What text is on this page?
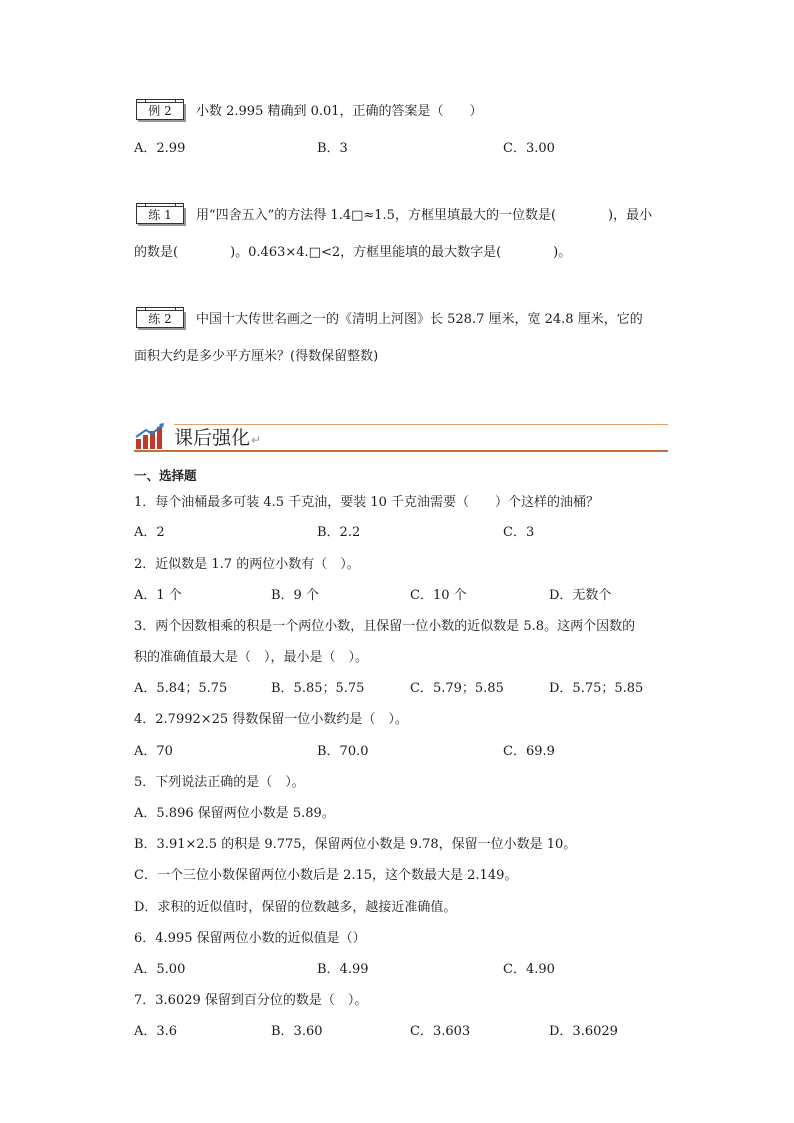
例 2	小数 2.995 精确到 0.01，正确的答案是（　　）
A．2.99	B．3	C．3.00
练 1	用“四舍五入”的方法得 1.4□≈1.5，方框里填最大的一位数是(　　　　)，最小
的数是(　　　　)。0.463×4.□<2，方框里能填的最大数字是(　　　　)。
练 2	中国十大传世名画之一的《清明上河图》长 528.7 厘米，宽 24.8 厘米，它的
面积大约是多少平方厘米？(得数保留整数)
课后强化↵
一、选择题
1．每个油桶最多可装 4.5 千克油，要装 10 千克油需要（　　）个这样的油桶？
A．2	B．2.2	C．3
2．近似数是 1.7 的两位小数有（　）。
A．1 个	B．9 个	C．10 个	D．无数个
3．两个因数相乘的积是一个两位小数，且保留一位小数的近似数是 5.8。这两个因数的
积的准确值最大是（　），最小是（　）。
A．5.84；5.75	B．5.85；5.75	C．5.79；5.85	D．5.75；5.85
4．2.7992×25 得数保留一位小数约是（　）。
A．70	B．70.0	C．69.9
5．下列说法正确的是（　）。
A．5.896 保留两位小数是 5.89。
B．3.91×2.5 的积是 9.775，保留两位小数是 9.78，保留一位小数是 10。
C．一个三位小数保留两位小数后是 2.15，这个数最大是 2.149。
D．求积的近似值时，保留的位数越多，越接近准确值。
6．4.995 保留两位小数的近似值是（）
A．5.00	B．4.99	C．4.90
7．3.6029 保留到百分位的数是（　）。
A．3.6	B．3.60	C．3.603	D．3.6029
